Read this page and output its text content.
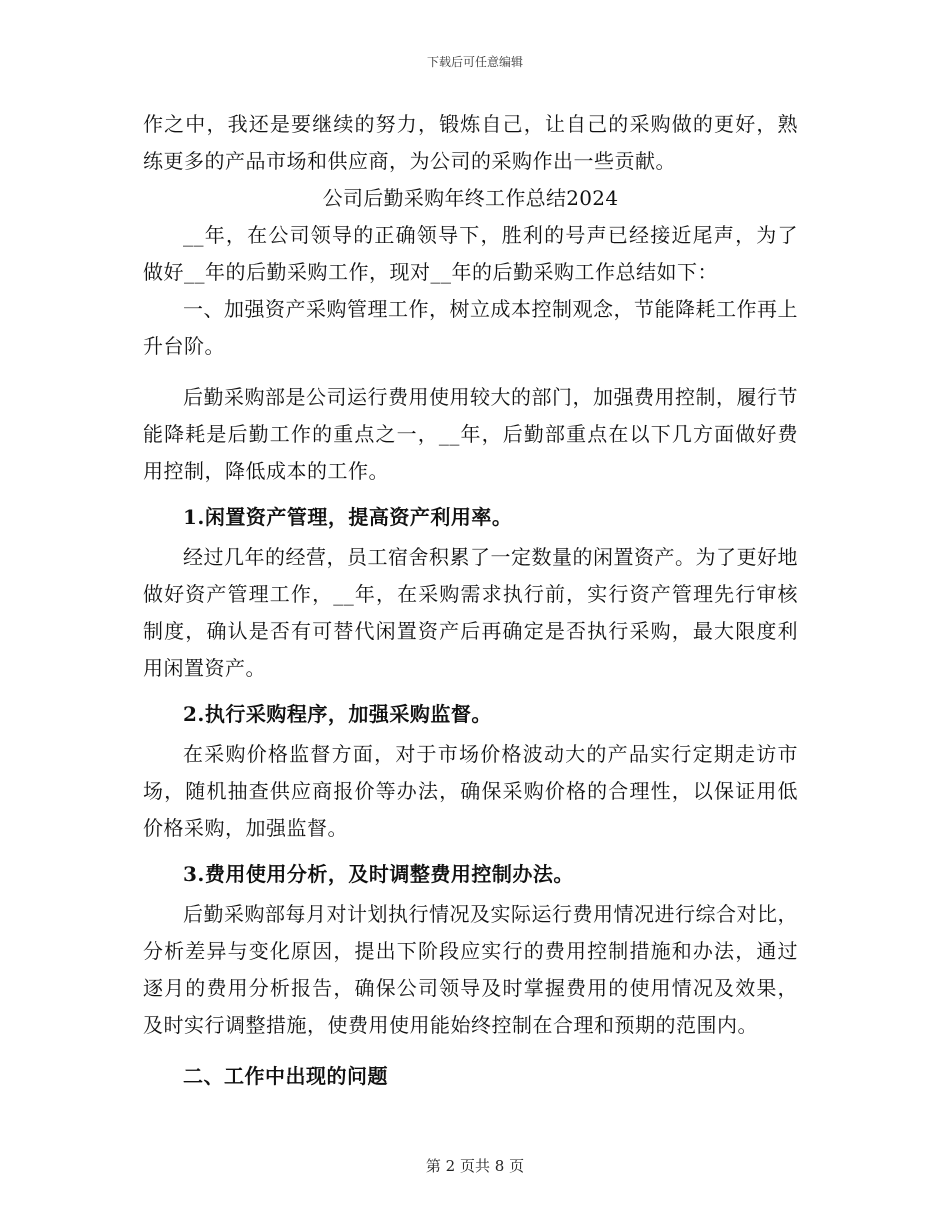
下载后可任意编辑

作之中，我还是要继续的努力，锻炼自己，让自己的采购做的更好，熟练更多的产品市场和供应商，为公司的采购作出一些贡献。

公司后勤采购年终工作总结2024

__年，在公司领导的正确领导下，胜利的号声已经接近尾声，为了做好__年的后勤采购工作，现对__年的后勤采购工作总结如下：

一、加强资产采购管理工作，树立成本控制观念，节能降耗工作再上升台阶。

后勤采购部是公司运行费用使用较大的部门，加强费用控制，履行节能降耗是后勤工作的重点之一，__年，后勤部重点在以下几方面做好费用控制，降低成本的工作。

1.闲置资产管理，提高资产利用率。

经过几年的经营，员工宿舍积累了一定数量的闲置资产。为了更好地做好资产管理工作，__年，在采购需求执行前，实行资产管理先行审核制度，确认是否有可替代闲置资产后再确定是否执行采购，最大限度利用闲置资产。

2.执行采购程序，加强采购监督。

在采购价格监督方面，对于市场价格波动大的产品实行定期走访市场，随机抽查供应商报价等办法，确保采购价格的合理性，以保证用低价格采购，加强监督。

3.费用使用分析，及时调整费用控制办法。

后勤采购部每月对计划执行情况及实际运行费用情况进行综合对比，分析差异与变化原因，提出下阶段应实行的费用控制措施和办法，通过逐月的费用分析报告，确保公司领导及时掌握费用的使用情况及效果，及时实行调整措施，使费用使用能始终控制在合理和预期的范围内。

二、工作中出现的问题

第 2 页共 8 页
